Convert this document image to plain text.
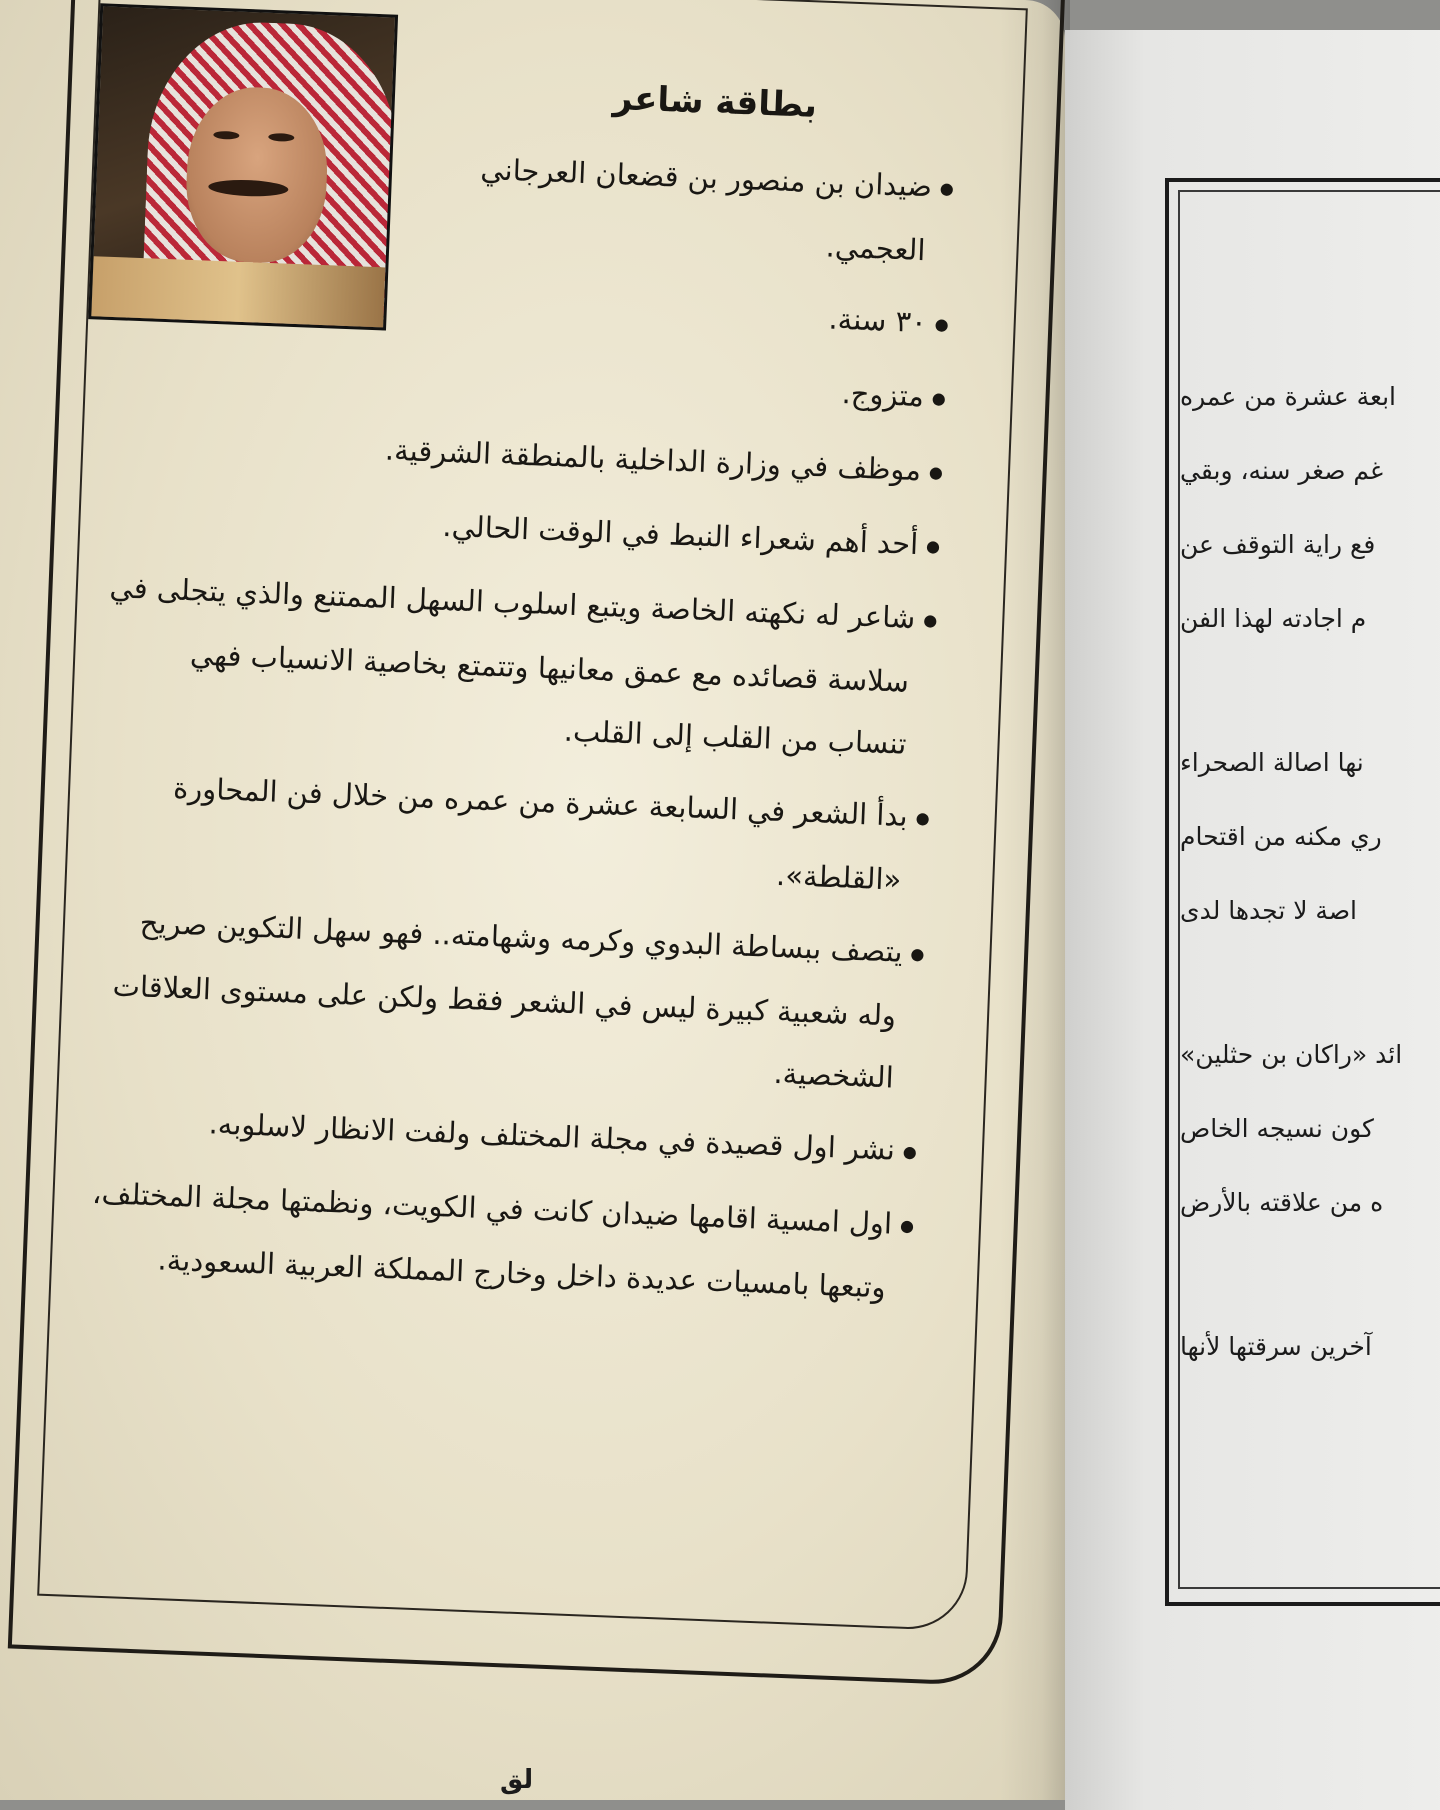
بطاقة شاعر

● ضيدان بن منصور بن قضعان العرجاني

العجمي.

● ٣٠ سنة.

● متزوج.

● موظف في وزارة الداخلية بالمنطقة الشرقية.

● أحد أهم شعراء النبط في الوقت الحالي.

● شاعر له نكهته الخاصة ويتبع اسلوب السهل الممتنع والذي يتجلى في

سلاسة قصائده مع عمق معانيها وتتمتع بخاصية الانسياب فهي

تنساب من القلب إلى القلب.

● بدأ الشعر في السابعة عشرة من عمره من خلال فن المحاورة

«القلطة».

● يتصف ببساطة البدوي وكرمه وشهامته.. فهو سهل التكوين صريح

وله شعبية كبيرة ليس في الشعر فقط ولكن على مستوى العلاقات

الشخصية.

● نشر اول قصيدة في مجلة المختلف ولفت الانظار لاسلوبه.

● اول امسية اقامها ضيدان كانت في الكويت، ونظمتها مجلة المختلف،

وتبعها بامسيات عديدة داخل وخارج المملكة العربية السعودية.

ابعة عشرة من عمره

غم صغر سنه، وبقي

فع راية التوقف عن

م اجادته لهذا الفن

نها اصالة الصحراء

ري مكنه من اقتحام

اصة لا تجدها لدى

ائد «راكان بن حثلين»

كون نسيجه الخاص

ه من علاقته بالأرض

آخرين سرقتها لأنها

لق
